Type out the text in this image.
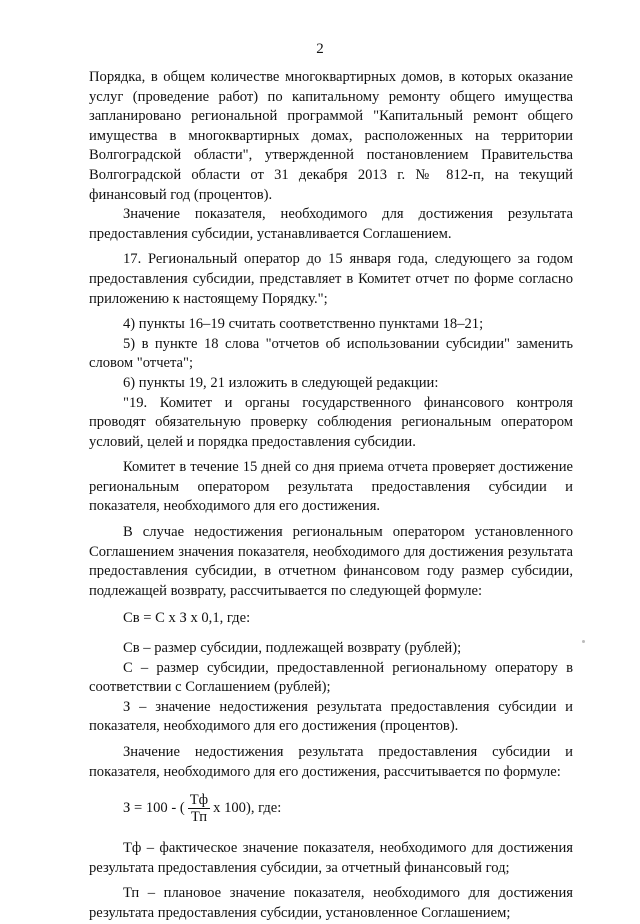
2

Порядка, в общем количестве многоквартирных домов, в которых оказание услуг (проведение работ) по капитальному ремонту общего имущества запланировано региональной программой "Капитальный ремонт общего имущества в многоквартирных домах, расположенных на территории Волгоградской области", утвержденной постановлением Правительства Волгоградской области от 31 декабря 2013 г. № 812-п, на текущий финансовый год (процентов).

Значение показателя, необходимого для достижения результата предоставления субсидии, устанавливается Соглашением.

17. Региональный оператор до 15 января года, следующего за годом предоставления субсидии, представляет в Комитет отчет по форме согласно приложению к настоящему Порядку.";

4) пункты 16–19 считать соответственно пунктами 18–21;

5) в пункте 18 слова "отчетов об использовании субсидии" заменить словом "отчета";

6) пункты 19, 21 изложить в следующей редакции:

"19. Комитет и органы государственного финансового контроля проводят обязательную проверку соблюдения региональным оператором условий, целей и порядка предоставления субсидии.

Комитет в течение 15 дней со дня приема отчета проверяет достижение региональным оператором результата предоставления субсидии и показателя, необходимого для его достижения.

В случае недостижения региональным оператором установленного Соглашением значения показателя, необходимого для достижения результата предоставления субсидии, в отчетном финансовом году размер субсидии, подлежащей возврату, рассчитывается по следующей формуле:

Св = С x З x 0,1, где:

Св – размер субсидии, подлежащей возврату (рублей);

С – размер субсидии, предоставленной региональному оператору в соответствии с Соглашением (рублей);

З – значение недостижения результата предоставления субсидии и показателя, необходимого для его достижения (процентов).

Значение недостижения результата предоставления субсидии и показателя, необходимого для его достижения, рассчитывается по формуле:

З = 100 - ( $\frac{Тф}{Тп}$ x 100), где:

Тф – фактическое значение показателя, необходимого для достижения результата предоставления субсидии, за отчетный финансовый год;

Тп – плановое значение показателя, необходимого для достижения результата предоставления субсидии, установленное Соглашением;
